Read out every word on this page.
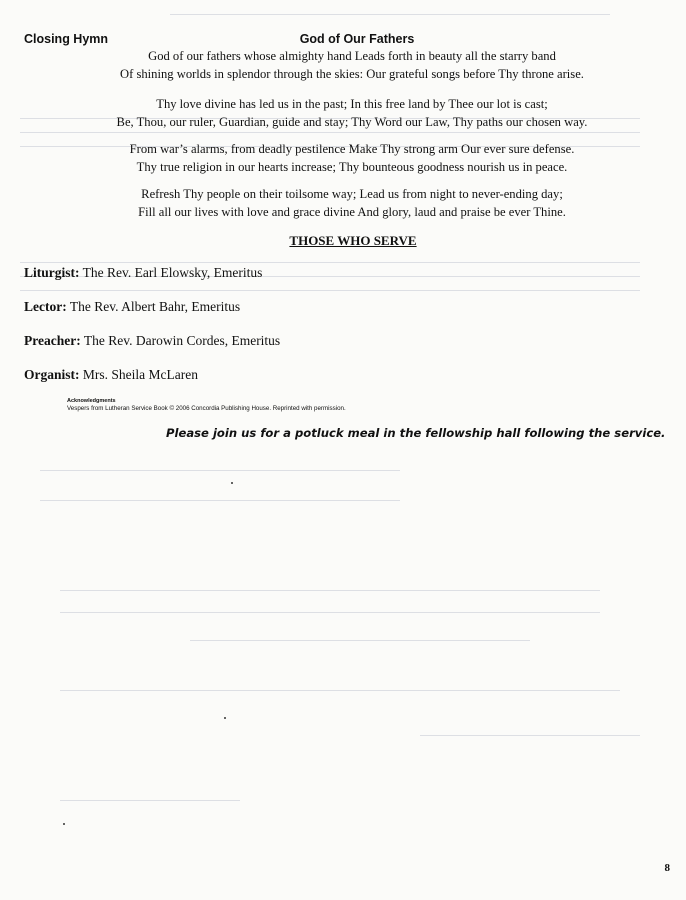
Closing Hymn	God of Our Fathers
God of our fathers whose almighty hand Leads forth in beauty all the starry band
Of shining worlds in splendor through the skies: Our grateful songs before Thy throne arise.
Thy love divine has led us in the past; In this free land by Thee our lot is cast;
Be, Thou, our ruler, Guardian, guide and stay; Thy Word our Law, Thy paths our chosen way.
From war’s alarms, from deadly pestilence Make Thy strong arm Our ever sure defense.
Thy true religion in our hearts increase; Thy bounteous goodness nourish us in peace.
Refresh Thy people on their toilsome way; Lead us from night to never-ending day;
Fill all our lives with love and grace divine And glory, laud and praise be ever Thine.
THOSE WHO SERVE
Liturgist: The Rev. Earl Elowsky, Emeritus
Lector: The Rev. Albert Bahr, Emeritus
Preacher: The Rev. Darowin Cordes, Emeritus
Organist: Mrs. Sheila McLaren
Acknowledgments
Vespers from Lutheran Service Book © 2006 Concordia Publishing House. Reprinted with permission.
Please join us for a potluck meal in the fellowship hall following the service.
8
